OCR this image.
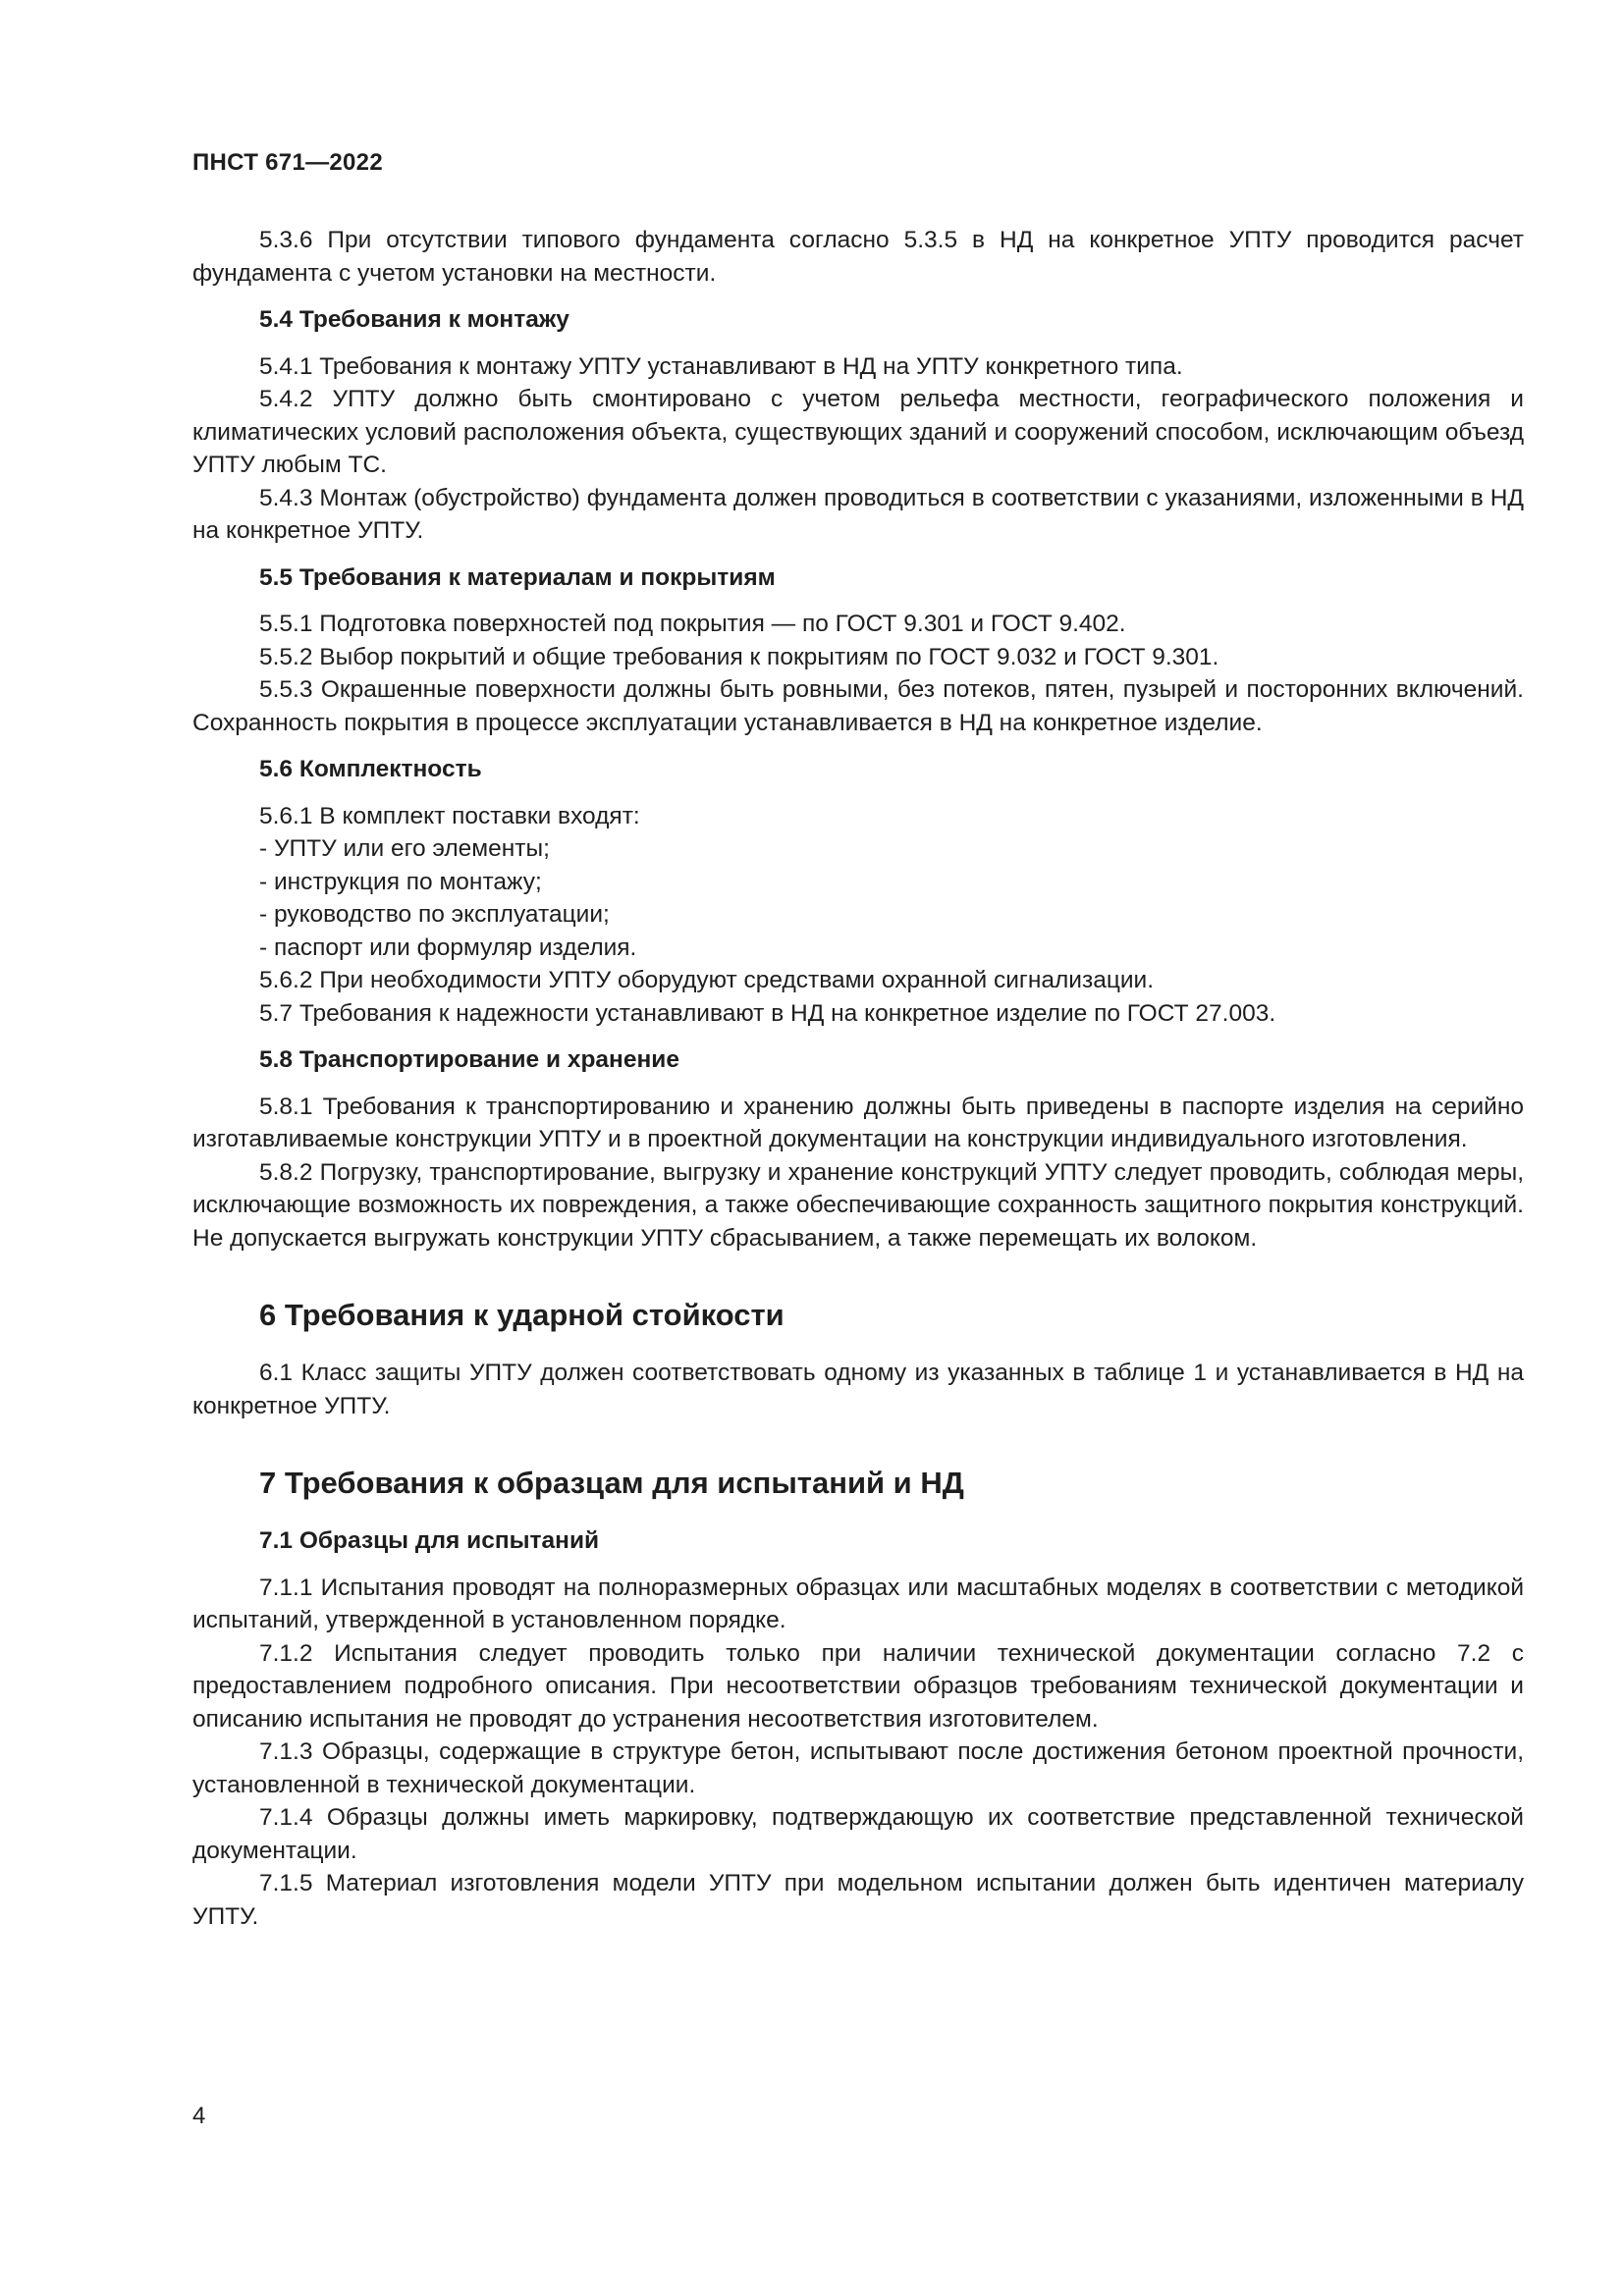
ПНСТ 671—2022

5.3.6 При отсутствии типового фундамента согласно 5.3.5 в НД на конкретное УПТУ проводится расчет фундамента с учетом установки на местности.

5.4 Требования к монтажу

5.4.1 Требования к монтажу УПТУ устанавливают в НД на УПТУ конкретного типа.

5.4.2 УПТУ должно быть смонтировано с учетом рельефа местности, географического положения и климатических условий расположения объекта, существующих зданий и сооружений способом, исключающим объезд УПТУ любым ТС.

5.4.3 Монтаж (обустройство) фундамента должен проводиться в соответствии с указаниями, изложенными в НД на конкретное УПТУ.

5.5 Требования к материалам и покрытиям

5.5.1 Подготовка поверхностей под покрытия — по ГОСТ 9.301 и ГОСТ 9.402.

5.5.2 Выбор покрытий и общие требования к покрытиям по ГОСТ 9.032 и ГОСТ 9.301.

5.5.3 Окрашенные поверхности должны быть ровными, без потеков, пятен, пузырей и посторонних включений. Сохранность покрытия в процессе эксплуатации устанавливается в НД на конкретное изделие.

5.6 Комплектность

5.6.1 В комплект поставки входят:

- УПТУ или его элементы;
- инструкция по монтажу;
- руководство по эксплуатации;
- паспорт или формуляр изделия.

5.6.2 При необходимости УПТУ оборудуют средствами охранной сигнализации.

5.7 Требования к надежности устанавливают в НД на конкретное изделие по ГОСТ 27.003.

5.8 Транспортирование и хранение

5.8.1 Требования к транспортированию и хранению должны быть приведены в паспорте изделия на серийно изготавливаемые конструкции УПТУ и в проектной документации на конструкции индивидуального изготовления.

5.8.2 Погрузку, транспортирование, выгрузку и хранение конструкций УПТУ следует проводить, соблюдая меры, исключающие возможность их повреждения, а также обеспечивающие сохранность защитного покрытия конструкций. Не допускается выгружать конструкции УПТУ сбрасыванием, а также перемещать их волоком.

6 Требования к ударной стойкости

6.1 Класс защиты УПТУ должен соответствовать одному из указанных в таблице 1 и устанавливается в НД на конкретное УПТУ.

7 Требования к образцам для испытаний и НД
7.1 Образцы для испытаний

7.1.1 Испытания проводят на полноразмерных образцах или масштабных моделях в соответствии с методикой испытаний, утвержденной в установленном порядке.

7.1.2 Испытания следует проводить только при наличии технической документации согласно 7.2 с предоставлением подробного описания. При несоответствии образцов требованиям технической документации и описанию испытания не проводят до устранения несоответствия изготовителем.

7.1.3 Образцы, содержащие в структуре бетон, испытывают после достижения бетоном проектной прочности, установленной в технической документации.

7.1.4 Образцы должны иметь маркировку, подтверждающую их соответствие представленной технической документации.

7.1.5 Материал изготовления модели УПТУ при модельном испытании должен быть идентичен материалу УПТУ.

4
